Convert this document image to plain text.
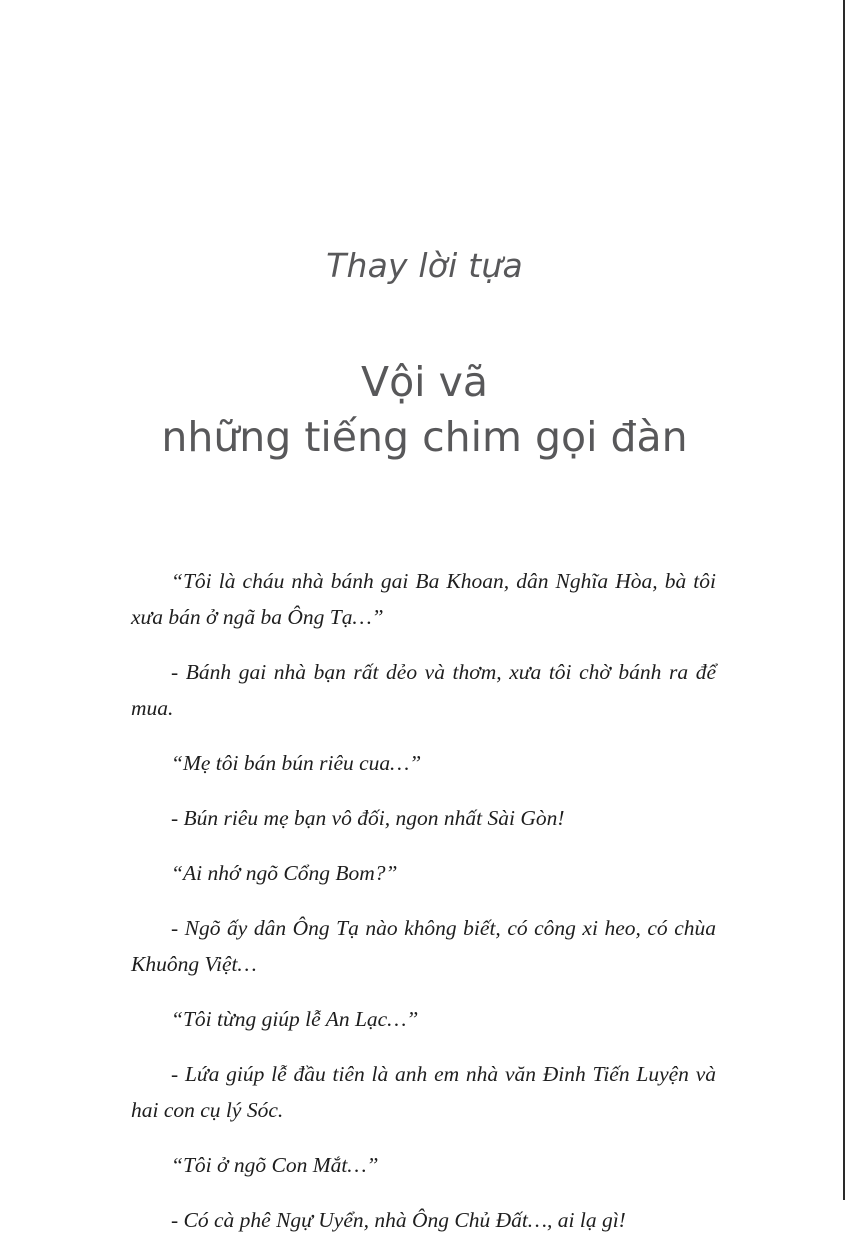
Thay lời tựa
Vội vã
những tiếng chim gọi đàn

“Tôi là cháu nhà bánh gai Ba Khoan, dân Nghĩa Hòa, bà tôi xưa bán ở ngã ba Ông Tạ…”

- Bánh gai nhà bạn rất dẻo và thơm, xưa tôi chờ bánh ra để mua.

“Mẹ tôi bán bún riêu cua…”

- Bún riêu mẹ bạn vô đối, ngon nhất Sài Gòn!

“Ai nhớ ngõ Cổng Bom?”

- Ngõ ấy dân Ông Tạ nào không biết, có công xi heo, có chùa Khuông Việt…

“Tôi từng giúp lễ An Lạc…”

- Lứa giúp lễ đầu tiên là anh em nhà văn Đinh Tiến Luyện và hai con cụ lý Sóc.

“Tôi ở ngõ Con Mắt…”

- Có cà phê Ngự Uyển, nhà Ông Chủ Đất…, ai lạ gì!
